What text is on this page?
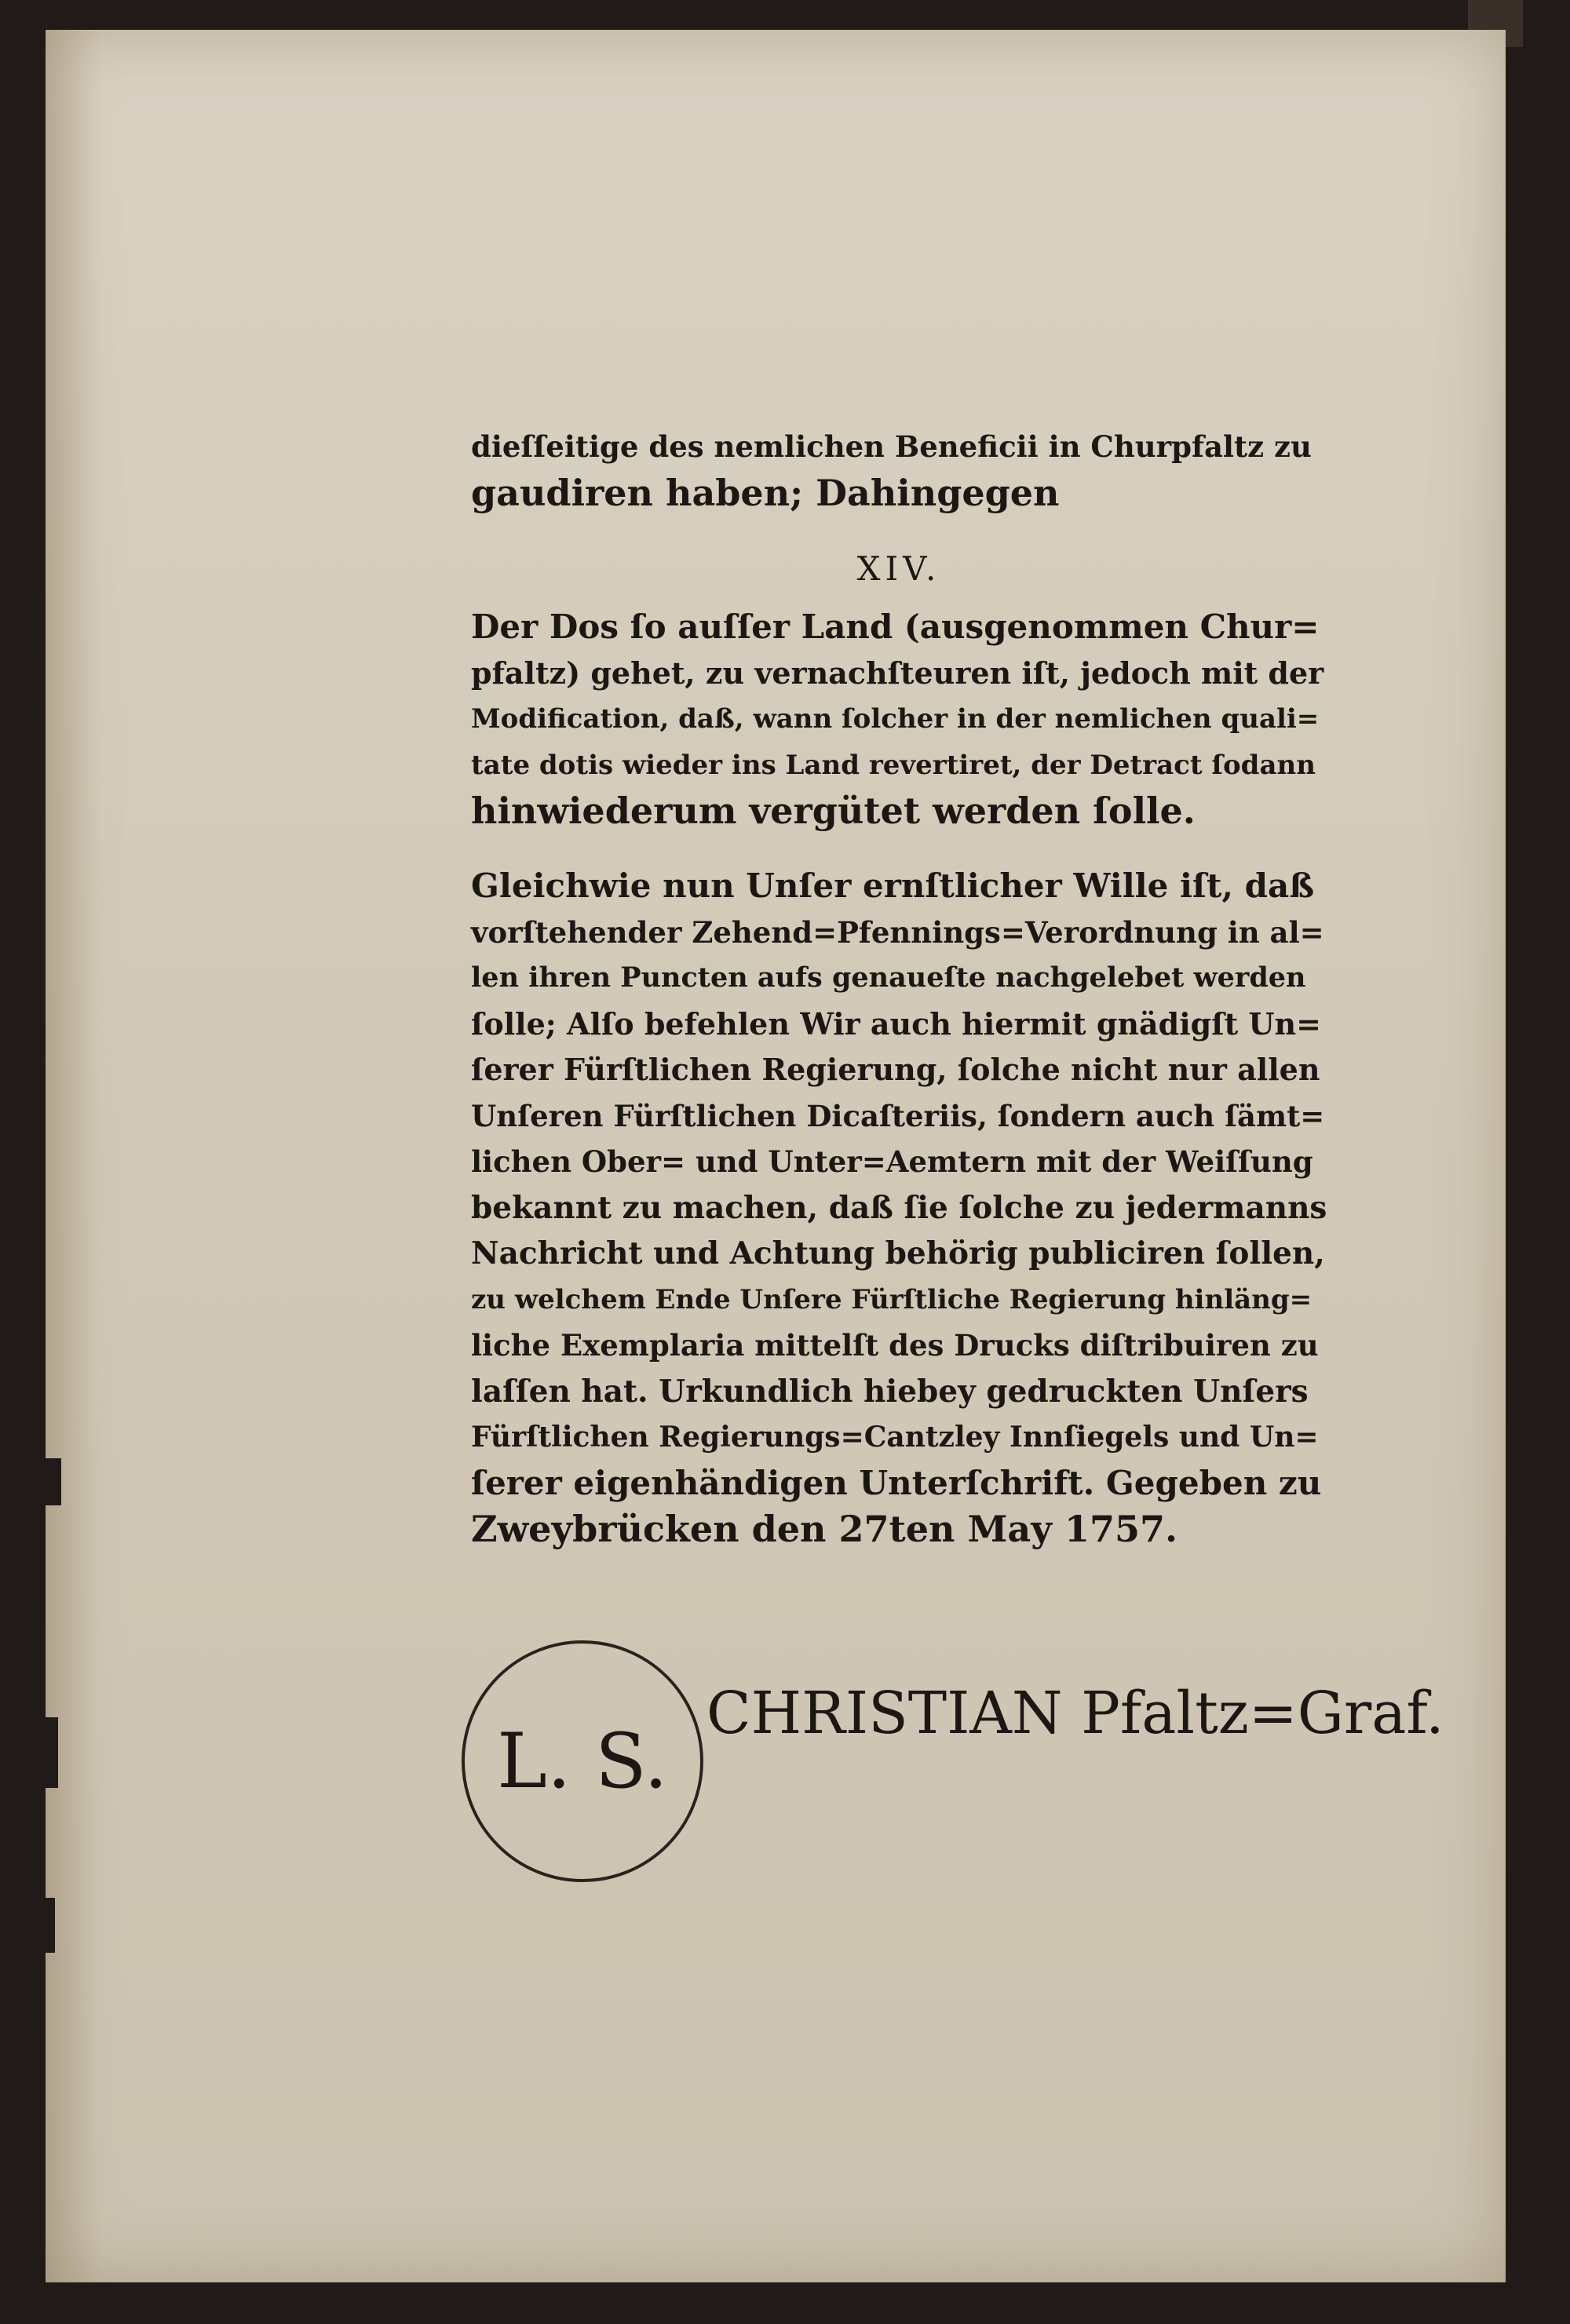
dieſſeitige des nemlichen Beneficii in Churpfaltz zu
gaudiren haben; Dahingegen
XIV.
Der Dos ſo auſſer Land (ausgenommen Chur=
pfaltz) gehet, zu vernachſteuren iſt, jedoch mit der
Modification, daß, wann ſolcher in der nemlichen quali=
tate dotis wieder ins Land revertiret, der Detract ſodann
hinwiederum vergütet werden ſolle.
Gleichwie nun Unſer ernſtlicher Wille iſt, daß
vorſtehender Zehend=Pfennings=Verordnung in al=
len ihren Puncten aufs genaueſte nachgelebet werden
ſolle; Alſo befehlen Wir auch hiermit gnädigſt Un=
ſerer Fürſtlichen Regierung, ſolche nicht nur allen
Unſeren Fürſtlichen Dicaſteriis, ſondern auch ſämt=
lichen Ober= und Unter=Aemtern mit der Weiſſung
bekannt zu machen, daß ſie ſolche zu jedermanns
Nachricht und Achtung behörig publiciren ſollen,
zu welchem Ende Unſere Fürſtliche Regierung hinläng=
liche Exemplaria mittelſt des Drucks diſtribuiren zu
laſſen hat. Urkundlich hiebey gedruckten Unſers
Fürſtlichen Regierungs=Cantzley Innſiegels und Un=
ſerer eigenhändigen Unterſchrift. Gegeben zu
Zweybrücken den 27ten May 1757.
L. S.
CHRISTIAN Pfaltz=Graf.
